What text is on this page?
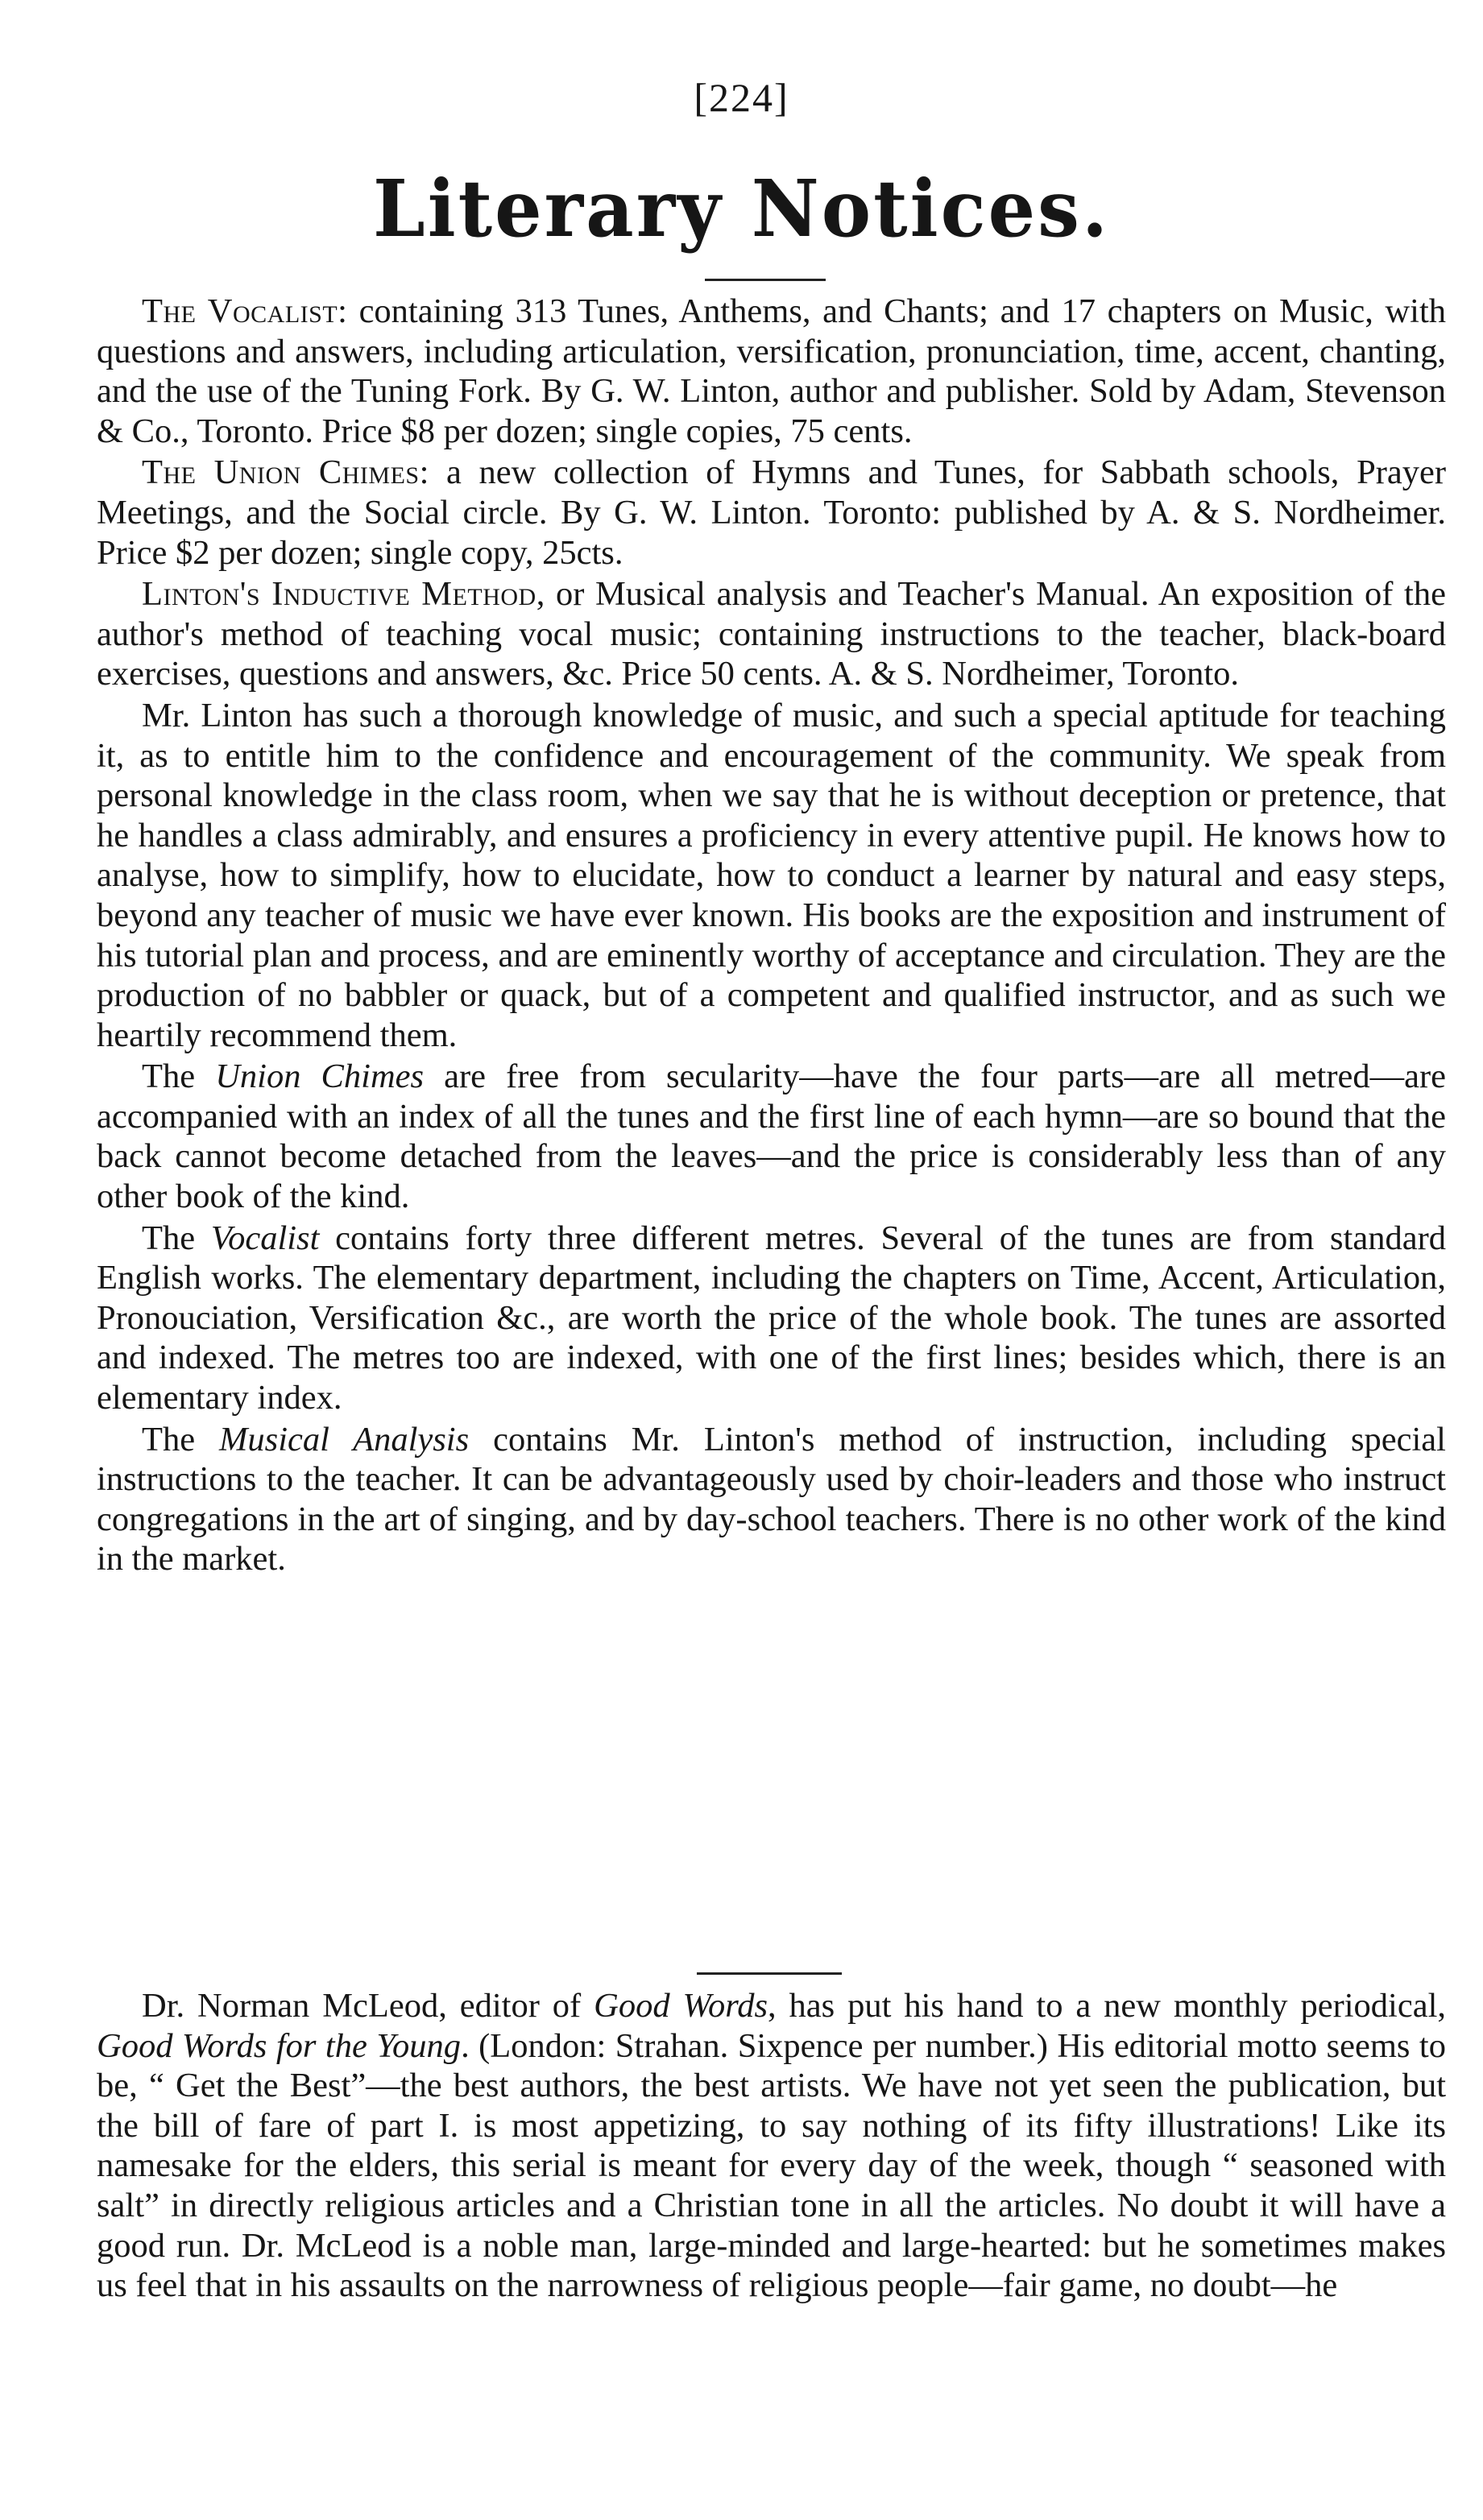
[224]
Literary Notices.

The Vocalist: containing 313 Tunes, Anthems, and Chants; and 17 chapters on Music, with questions and answers, including articulation, versification, pronunciation, time, accent, chanting, and the use of the Tuning Fork. By G. W. Linton, author and publisher. Sold by Adam, Stevenson & Co., Toronto. Price $8 per dozen; single copies, 75 cents.

The Union Chimes: a new collection of Hymns and Tunes, for Sabbath schools, Prayer Meetings, and the Social circle. By G. W. Linton. Toronto: published by A. & S. Nordheimer. Price $2 per dozen; single copy, 25cts.

Linton's Inductive Method, or Musical analysis and Teacher's Manual. An exposition of the author's method of teaching vocal music; containing instructions to the teacher, black-board exercises, questions and answers, &c. Price 50 cents. A. & S. Nordheimer, Toronto.

Mr. Linton has such a thorough knowledge of music, and such a special aptitude for teaching it, as to entitle him to the confidence and encouragement of the community. We speak from personal knowledge in the class room, when we say that he is without deception or pretence, that he handles a class admirably, and ensures a proficiency in every attentive pupil. He knows how to analyse, how to simplify, how to elucidate, how to conduct a learner by natural and easy steps, beyond any teacher of music we have ever known. His books are the exposition and instrument of his tutorial plan and process, and are eminently worthy of acceptance and circulation. They are the production of no babbler or quack, but of a competent and qualified instructor, and as such we heartily recommend them.

The Union Chimes are free from secularity—have the four parts—are all metred—are accompanied with an index of all the tunes and the first line of each hymn—are so bound that the back cannot become detached from the leaves—and the price is considerably less than of any other book of the kind.

The Vocalist contains forty three different metres. Several of the tunes are from standard English works. The elementary department, including the chapters on Time, Accent, Articulation, Pronouciation, Versification &c., are worth the price of the whole book. The tunes are assorted and indexed. The metres too are indexed, with one of the first lines; besides which, there is an elementary index.

The Musical Analysis contains Mr. Linton's method of instruction, including special instructions to the teacher. It can be advantageously used by choir-leaders and those who instruct congregations in the art of singing, and by day-school teachers. There is no other work of the kind in the market.

Dr. Norman McLeod, editor of Good Words, has put his hand to a new monthly periodical, Good Words for the Young. (London: Strahan. Sixpence per number.) His editorial motto seems to be, “ Get the Best”—the best authors, the best artists. We have not yet seen the publication, but the bill of fare of part I. is most appetizing, to say nothing of its fifty illustrations! Like its namesake for the elders, this serial is meant for every day of the week, though “ seasoned with salt” in directly religious articles and a Christian tone in all the articles. No doubt it will have a good run. Dr. McLeod is a noble man, large-minded and large-hearted: but he sometimes makes us feel that in his assaults on the narrowness of religious people—fair game, no doubt—he
